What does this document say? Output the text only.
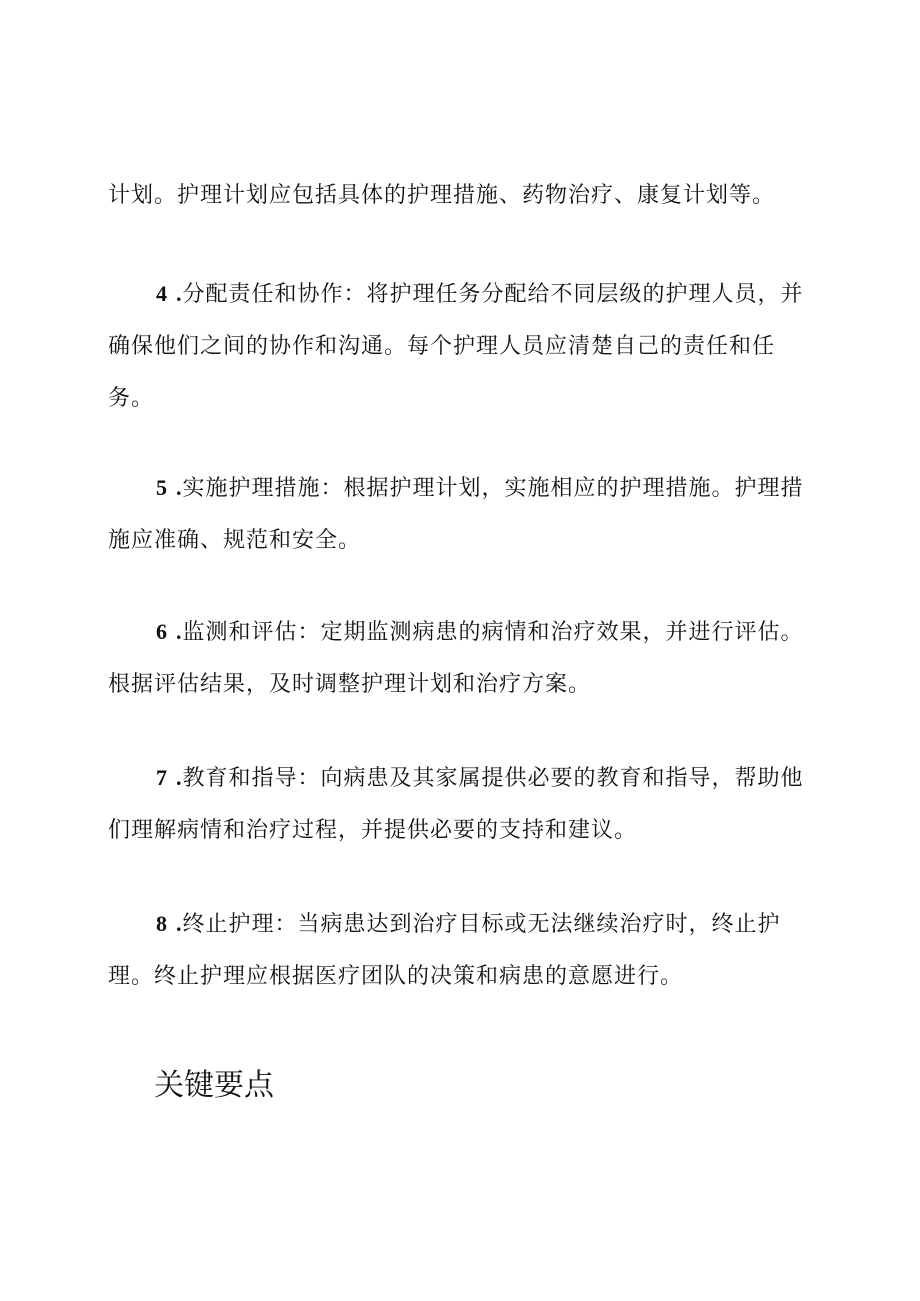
计划。护理计划应包括具体的护理措施、药物治疗、康复计划等。

4 .分配责任和协作：将护理任务分配给不同层级的护理人员，并
确保他们之间的协作和沟通。每个护理人员应清楚自己的责任和任
务。

5 .实施护理措施：根据护理计划，实施相应的护理措施。护理措
施应准确、规范和安全。

6 .监测和评估：定期监测病患的病情和治疗效果，并进行评估。
根据评估结果，及时调整护理计划和治疗方案。

7 .教育和指导：向病患及其家属提供必要的教育和指导，帮助他
们理解病情和治疗过程，并提供必要的支持和建议。

8 .终止护理：当病患达到治疗目标或无法继续治疗时，终止护
理。终止护理应根据医疗团队的决策和病患的意愿进行。

关键要点
